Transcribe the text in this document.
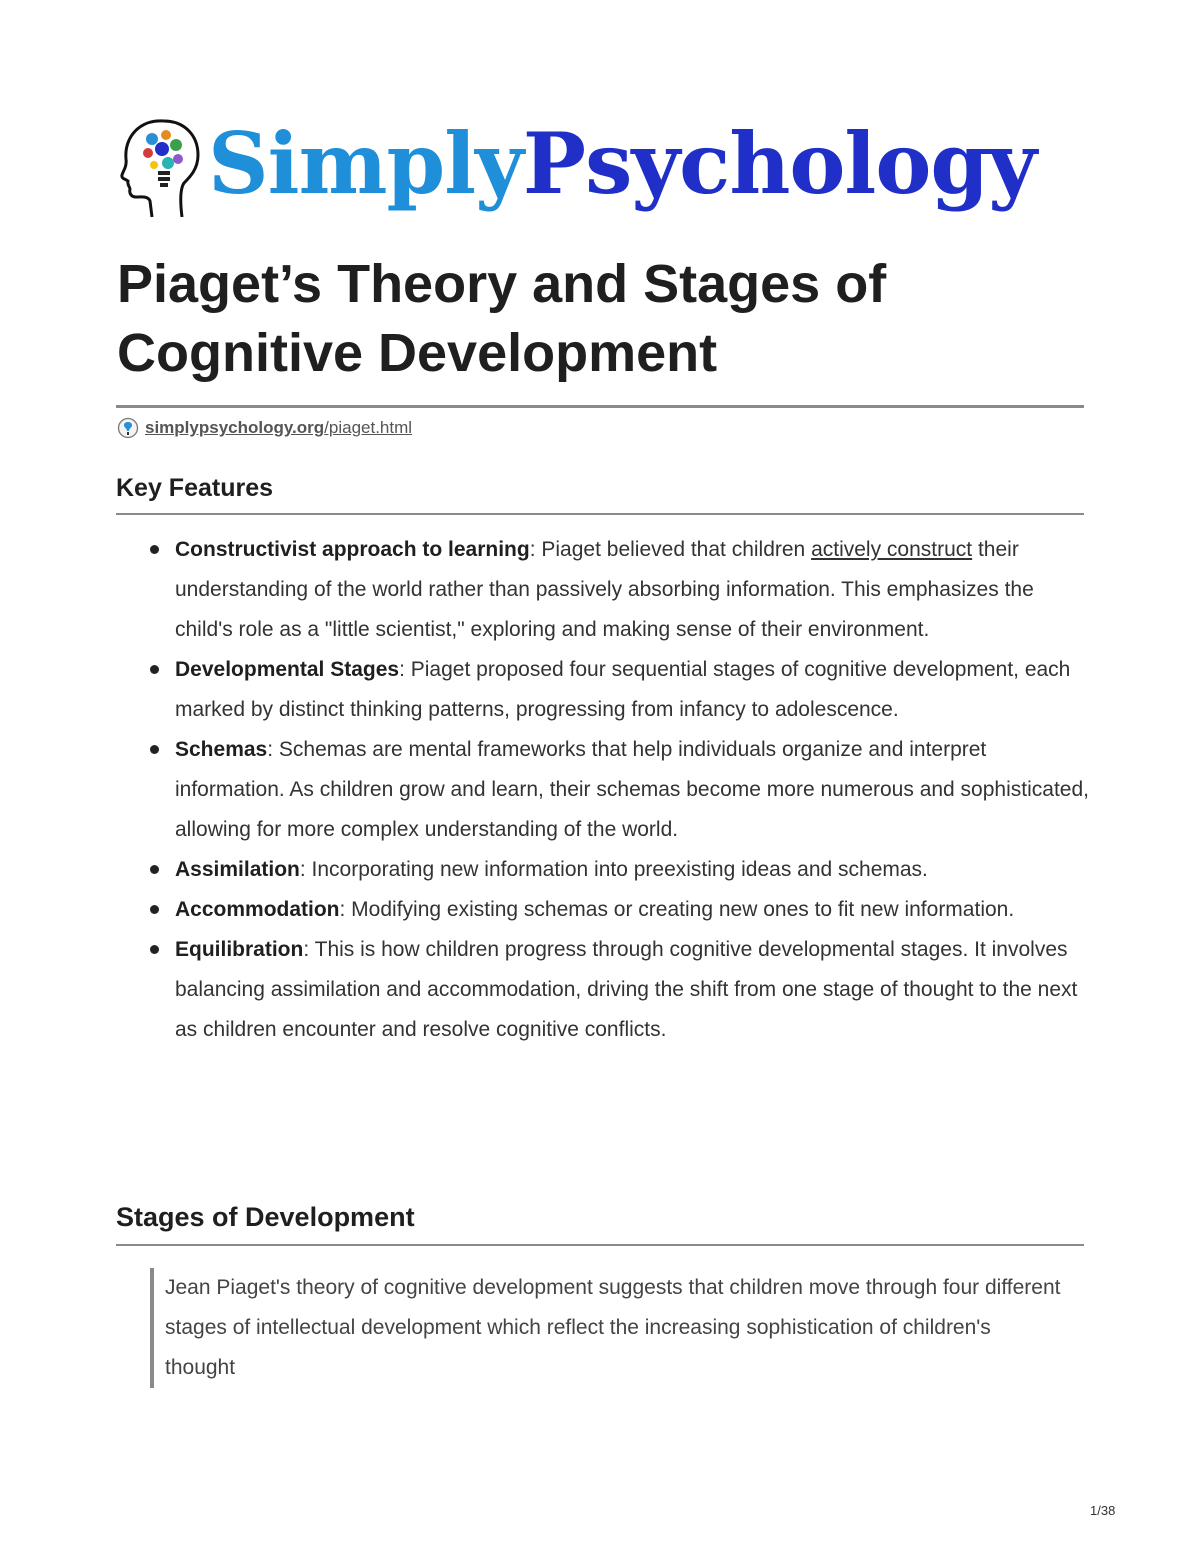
SimplyPsychology
Piaget’s Theory and Stages of Cognitive Development
simplypsychology.org/piaget.html
Key Features
Constructivist approach to learning: Piaget believed that children actively construct their understanding of the world rather than passively absorbing information. This emphasizes the child's role as a "little scientist," exploring and making sense of their environment.
Developmental Stages: Piaget proposed four sequential stages of cognitive development, each marked by distinct thinking patterns, progressing from infancy to adolescence.
Schemas: Schemas are mental frameworks that help individuals organize and interpret information. As children grow and learn, their schemas become more numerous and sophisticated, allowing for more complex understanding of the world.
Assimilation: Incorporating new information into preexisting ideas and schemas.
Accommodation: Modifying existing schemas or creating new ones to fit new information.
Equilibration: This is how children progress through cognitive developmental stages. It involves balancing assimilation and accommodation, driving the shift from one stage of thought to the next as children encounter and resolve cognitive conflicts.
Stages of Development
Jean Piaget's theory of cognitive development suggests that children move through four different stages of intellectual development which reflect the increasing sophistication of children's thought
1/38
